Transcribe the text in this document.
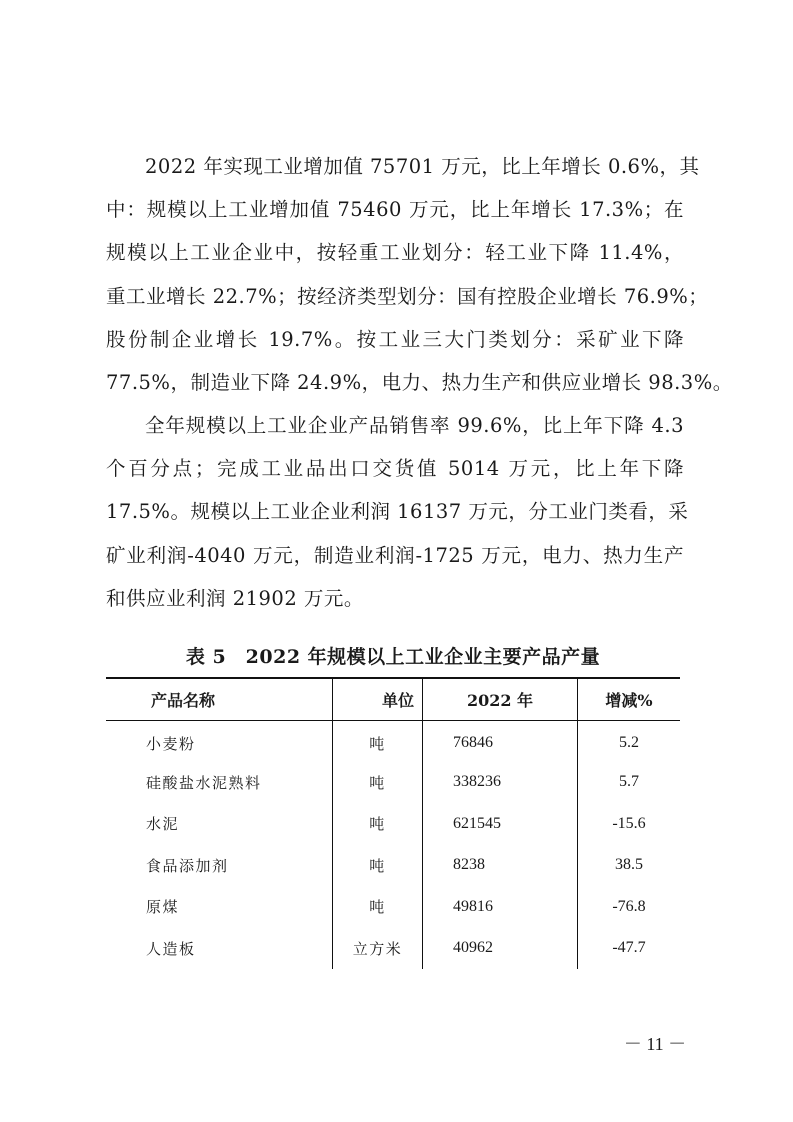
2022 年实现工业增加值 75701 万元，比上年增长 0.6%，其
中：规模以上工业增加值 75460 万元，比上年增长 17.3%；在
规模以上工业企业中，按轻重工业划分：轻工业下降 11.4%，
重工业增长 22.7%；按经济类型划分：国有控股企业增长 76.9%；
股份制企业增长 19.7%。按工业三大门类划分：采矿业下降
77.5%，制造业下降 24.9%，电力、热力生产和供应业增长 98.3%。
全年规模以上工业企业产品销售率 99.6%，比上年下降 4.3
个百分点；完成工业品出口交货值 5014 万元，比上年下降
17.5%。规模以上工业企业利润 16137 万元，分工业门类看，采
矿业利润-4040 万元，制造业利润-1725 万元，电力、热力生产
和供应业利润 21902 万元。
表 5　2022 年规模以上工业企业主要产品产量
产品名称	单位	2022 年	增减%
小麦粉	吨	76846	5.2
硅酸盐水泥熟料	吨	338236	5.7
水泥	吨	621545	-15.6
食品添加剂	吨	8238	38.5
原煤	吨	49816	-76.8
人造板	立方米	40962	-47.7
－ 11 －
